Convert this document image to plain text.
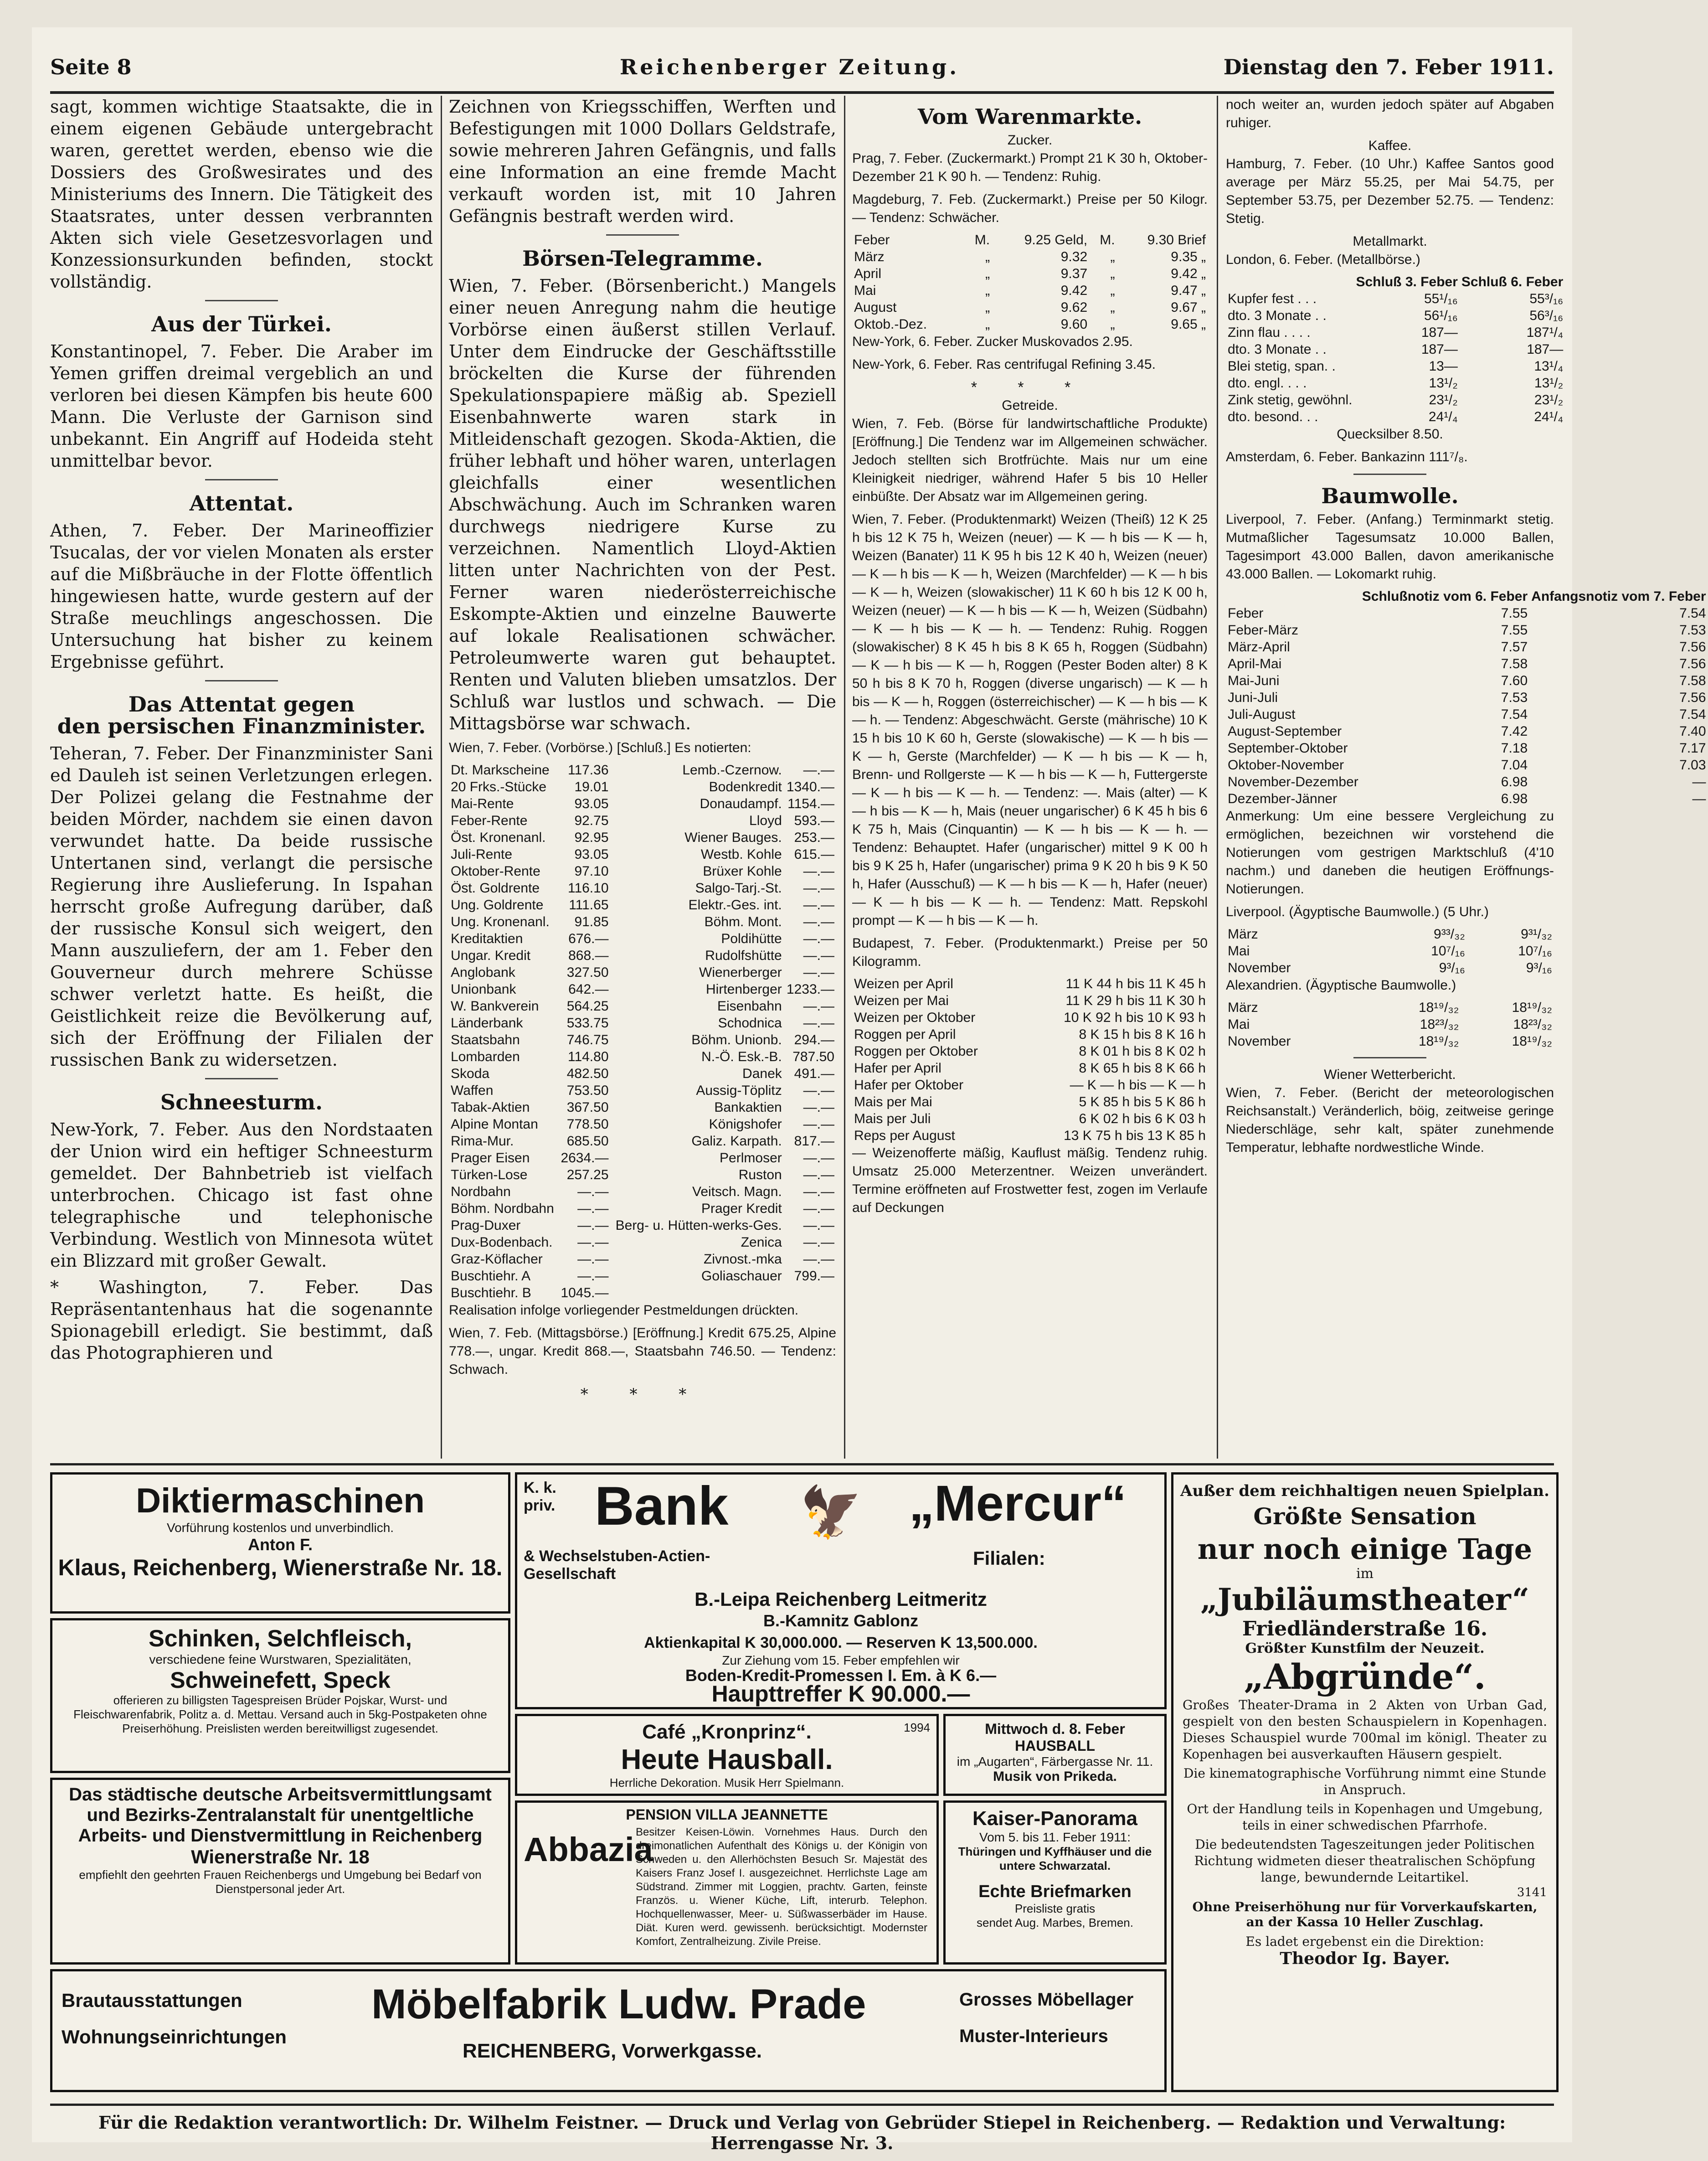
Seite 8	Reichenberger Zeitung.	Dienstag den 7. Feber 1911.

sagt, kommen wichtige Staatsakte, die in einem eigenen Gebäude untergebracht waren, gerettet werden, ebenso wie die Dossiers des Großwesirates und des Ministeriums des Innern. Die Tätigkeit des Staatsrates, unter dessen verbrannten Akten sich viele Gesetzesvorlagen und Konzessionsurkunden befinden, stockt vollständig.

Aus der Türkei.

Konstantinopel, 7. Feber. Die Araber im Yemen griffen dreimal vergeblich an und verloren bei diesen Kämpfen bis heute 600 Mann. Die Verluste der Garnison sind unbekannt. Ein Angriff auf Hodeida steht unmittelbar bevor.

Attentat.

Athen, 7. Feber. Der Marineoffizier Tsucalas, der vor vielen Monaten als erster auf die Mißbräuche in der Flotte öffentlich hingewiesen hatte, wurde gestern auf der Straße meuchlings angeschossen. Die Untersuchung hat bisher zu keinem Ergebnisse geführt.

Das Attentat gegen
den persischen Finanzminister.

Teheran, 7. Feber. Der Finanzminister Sani ed Dauleh ist seinen Verletzungen erlegen. Der Polizei gelang die Festnahme der beiden Mörder, nachdem sie einen davon verwundet hatte. Da beide russische Untertanen sind, verlangt die persische Regierung ihre Auslieferung. In Ispahan herrscht große Aufregung darüber, daß der russische Konsul sich weigert, den Mann auszuliefern, der am 1. Feber den Gouverneur durch mehrere Schüsse schwer verletzt hatte. Es heißt, die Geistlichkeit reize die Bevölkerung auf, sich der Eröffnung der Filialen der russischen Bank zu widersetzen.

Schneesturm.

New-York, 7. Feber. Aus den Nordstaaten der Union wird ein heftiger Schneesturm gemeldet. Der Bahnbetrieb ist vielfach unterbrochen. Chicago ist fast ohne telegraphische und telephonische Verbindung. Westlich von Minnesota wütet ein Blizzard mit großer Gewalt.

* Washington, 7. Feber. Das Repräsentantenhaus hat die sogenannte Spionagebill erledigt. Sie bestimmt, daß das Photographieren und

Zeichnen von Kriegsschiffen, Werften und Befestigungen mit 1000 Dollars Geldstrafe, sowie mehreren Jahren Gefängnis, und falls eine Information an eine fremde Macht verkauft worden ist, mit 10 Jahren Gefängnis bestraft werden wird.

Börsen-Telegramme.

Wien, 7. Feber. (Börsenbericht.) Mangels einer neuen Anregung nahm die heutige Vorbörse einen äußerst stillen Verlauf. Unter dem Eindrucke der Geschäftsstille bröckelten die Kurse der führenden Spekulationspapiere mäßig ab. Speziell Eisenbahnwerte waren stark in Mitleidenschaft gezogen. Skoda-Aktien, die früher lebhaft und höher waren, unterlagen gleichfalls einer wesentlichen Abschwächung. Auch im Schranken waren durchwegs niedrigere Kurse zu verzeichnen. Namentlich Lloyd-Aktien litten unter Nachrichten von der Pest. Ferner waren niederösterreichische Eskompte-Aktien und einzelne Bauwerte auf lokale Realisationen schwächer. Petroleumwerte waren gut behauptet. Renten und Valuten blieben umsatzlos. Der Schluß war lustlos und schwach. — Die Mittagsbörse war schwach.

Wien, 7. Feber. (Vorbörse.) [Schluß.] Es notierten:

Dt. Markscheine	117.36	Lemb.-Czernow.	—.—
20 Frks.-Stücke	19.01	Bodenkredit	1340.—
Mai-Rente	93.05	Donaudampf.	1154.—
Feber-Rente	92.75	Lloyd	593.—
Öst. Kronenanl.	92.95	Wiener Bauges.	253.—
Juli-Rente	93.05	Westb. Kohle	615.—
Oktober-Rente	97.10	Brüxer Kohle	—.—
Öst. Goldrente	116.10	Salgo-Tarj.-St.	—.—
Ung. Goldrente	111.65	Elektr.-Ges. int.	—.—
Ung. Kronenanl.	91.85	Böhm. Mont.	—.—
Kreditaktien	676.—	Poldihütte	—.—
Ungar. Kredit	868.—	Rudolfshütte	—.—
Anglobank	327.50	Wienerberger	—.—
Unionbank	642.—	Hirtenberger	1233.—
W. Bankverein	564.25	Eisenbahn	—.—
Länderbank	533.75	Schodnica	—.—
Staatsbahn	746.75	Böhm. Unionb.	294.—
Lombarden	114.80	N.-Ö. Esk.-B.	787.50
Skoda	482.50	Danek	491.—
Waffen	753.50	Aussig-Töplitz	—.—
Tabak-Aktien	367.50	Bankaktien	—.—
Alpine Montan	778.50	Königshofer	—.—
Rima-Mur.	685.50	Galiz. Karpath.	817.—
Prager Eisen	2634.—	Perlmoser	—.—
Türken-Lose	257.25	Ruston	—.—
Nordbahn	—.—	Veitsch. Magn.	—.—
Böhm. Nordbahn	—.—	Prager Kredit	—.—
Prag-Duxer	—.—	Berg- u. Hütten-werks-Ges.	—.—
Dux-Bodenbach.	—.—	Zenica	—.—
Graz-Köflacher	—.—	Zivnost.-mka	—.—
Buschtiehr. A	—.—	Goliaschauer	799.—
Buschtiehr. B	1045.—		

Realisation infolge vorliegender Pestmeldungen drückten.

Wien, 7. Feb. (Mittagsbörse.) [Eröffnung.] Kredit 675.25, Alpine 778.—, ungar. Kredit 868.—, Staatsbahn 746.50. — Tendenz: Schwach.

* * *
Vom Warenmarkte.
Zucker.

Prag, 7. Feber. (Zuckermarkt.) Prompt 21 K 30 h, Oktober-Dezember 21 K 90 h. — Tendenz: Ruhig.

Magdeburg, 7. Feb. (Zuckermarkt.) Preise per 50 Kilogr. — Tendenz: Schwächer.

Feber	M.	9.25 Geld,	M.	9.30 Brief
März	„	9.32	„	9.35 „
April	„	9.37	„	9.42 „
Mai	„	9.42	„	9.47 „
August	„	9.62	„	9.67 „
Oktob.-Dez.	„	9.60	„	9.65 „

New-York, 6. Feber. Zucker Muskovados 2.95.

New-York, 6. Feber. Ras centrifugal Refining 3.45.

* * *
Getreide.

Wien, 7. Feb. (Börse für landwirtschaftliche Produkte) [Eröffnung.] Die Tendenz war im Allgemeinen schwächer. Jedoch stellten sich Brotfrüchte. Mais nur um eine Kleinigkeit niedriger, während Hafer 5 bis 10 Heller einbüßte. Der Absatz war im Allgemeinen gering.

Wien, 7. Feber. (Produktenmarkt) Weizen (Theiß) 12 K 25 h bis 12 K 75 h, Weizen (neuer) — K — h bis — K — h, Weizen (Banater) 11 K 95 h bis 12 K 40 h, Weizen (neuer) — K — h bis — K — h, Weizen (Marchfelder) — K — h bis — K — h, Weizen (slowakischer) 11 K 60 h bis 12 K 00 h, Weizen (neuer) — K — h bis — K — h, Weizen (Südbahn) — K — h bis — K — h. — Tendenz: Ruhig. Roggen (slowakischer) 8 K 45 h bis 8 K 65 h, Roggen (Südbahn) — K — h bis — K — h, Roggen (Pester Boden alter) 8 K 50 h bis 8 K 70 h, Roggen (diverse ungarisch) — K — h bis — K — h, Roggen (österreichischer) — K — h bis — K — h. — Tendenz: Abgeschwächt. Gerste (mährische) 10 K 15 h bis 10 K 60 h, Gerste (slowakische) — K — h bis — K — h, Gerste (Marchfelder) — K — h bis — K — h, Brenn- und Rollgerste — K — h bis — K — h, Futtergerste — K — h bis — K — h. — Tendenz: —. Mais (alter) — K — h bis — K — h, Mais (neuer ungarischer) 6 K 45 h bis 6 K 75 h, Mais (Cinquantin) — K — h bis — K — h. — Tendenz: Behauptet. Hafer (ungarischer) mittel 9 K 00 h bis 9 K 25 h, Hafer (ungarischer) prima 9 K 20 h bis 9 K 50 h, Hafer (Ausschuß) — K — h bis — K — h, Hafer (neuer) — K — h bis — K — h. — Tendenz: Matt. Repskohl prompt — K — h bis — K — h.

Budapest, 7. Feber. (Produktenmarkt.) Preise per 50 Kilogramm.

Weizen per April	11 K 44 h bis 11 K 45 h
Weizen per Mai	11 K 29 h bis 11 K 30 h
Weizen per Oktober	10 K 92 h bis 10 K 93 h
Roggen per April	8 K 15 h bis 8 K 16 h
Roggen per Oktober	8 K 01 h bis 8 K 02 h
Hafer per April	8 K 65 h bis 8 K 66 h
Hafer per Oktober	— K — h bis — K — h
Mais per Mai	5 K 85 h bis 5 K 86 h
Mais per Juli	6 K 02 h bis 6 K 03 h
Reps per August	13 K 75 h bis 13 K 85 h

— Weizenofferte mäßig, Kauflust mäßig. Tendenz ruhig. Umsatz 25.000 Meterzentner. Weizen unverändert. Termine eröffneten auf Frostwetter fest, zogen im Verlaufe auf Deckungen

noch weiter an, wurden jedoch später auf Abgaben ruhiger.

Kaffee.

Hamburg, 7. Feber. (10 Uhr.) Kaffee Santos good average per März 55.25, per Mai 54.75, per September 53.75, per Dezember 52.75. — Tendenz: Stetig.

Metallmarkt.

London, 6. Feber. (Metallbörse.)

	Schluß 3. Feber	Schluß 6. Feber
Kupfer fest . . .	55¹/₁₆	55³/₁₆
dto. 3 Monate . .	56¹/₁₆	56³/₁₆
Zinn flau . . . .	187—	187¹/₄
dto. 3 Monate . .	187—	187—
Blei stetig, span. .	13—	13¹/₄
dto. engl. . . .	13¹/₂	13¹/₂
Zink stetig, gewöhnl.	23¹/₂	23¹/₂
dto. besond. . .	24¹/₄	24¹/₄

Quecksilber 8.50.

Amsterdam, 6. Feber. Bankazinn 111⁷/₈.

Baumwolle.

Liverpool, 7. Feber. (Anfang.) Terminmarkt stetig. Mutmaßlicher Tagesumsatz 10.000 Ballen, Tagesimport 43.000 Ballen, davon amerikanische 43.000 Ballen. — Lokomarkt ruhig.

	Schlußnotiz vom 6. Feber	Anfangsnotiz vom 7. Feber
Feber	7.55	7.54
Feber-März	7.55	7.53
März-April	7.57	7.56
April-Mai	7.58	7.56
Mai-Juni	7.60	7.58
Juni-Juli	7.53	7.56
Juli-August	7.54	7.54
August-September	7.42	7.40
September-Oktober	7.18	7.17
Oktober-November	7.04	7.03
November-Dezember	6.98	—
Dezember-Jänner	6.98	—

Anmerkung: Um eine bessere Vergleichung zu ermöglichen, bezeichnen wir vorstehend die Notierungen vom gestrigen Marktschluß (4'10 nachm.) und daneben die heutigen Eröffnungs-Notierungen.

Liverpool. (Ägyptische Baumwolle.) (5 Uhr.)

März	9³³/₃₂	9³¹/₃₂
Mai	10⁷/₁₆	10⁷/₁₆
November	9³/₁₆	9³/₁₆

Alexandrien. (Ägyptische Baumwolle.)

März	18¹⁹/₃₂	18¹⁹/₃₂
Mai	18²³/₃₂	18²³/₃₂
November	18¹⁹/₃₂	18¹⁹/₃₂
Wiener Wetterbericht.

Wien, 7. Feber. (Bericht der meteorologischen Reichsanstalt.) Veränderlich, böig, zeitweise geringe Niederschläge, sehr kalt, später zunehmende Temperatur, lebhafte nordwestliche Winde.

Diktiermaschinen
Vorführung kostenlos und unverbindlich.
Anton F.
Klaus, Reichenberg, Wienerstraße Nr. 18.
Schinken, Selchfleisch,
verschiedene feine Wurstwaren, Spezialitäten,
Schweinefett, Speck
offerieren zu billigsten Tagespreisen Brüder Pojskar, Wurst- und Fleischwarenfabrik, Politz a. d. Mettau. Versand auch in 5kg-Postpaketen ohne Preiserhöhung. Preislisten werden bereitwilligst zugesendet.
Das städtische deutsche Arbeitsvermittlungsamt und Bezirks-Zentralanstalt für unentgeltliche Arbeits- und Dienstvermittlung in Reichenberg
Wienerstraße Nr. 18
empfiehlt den geehrten Frauen Reichenbergs und Umgebung bei Bedarf von Dienstpersonal jeder Art.
Brautausstattungen
Wohnungseinrichtungen
Möbelfabrik Ludw. Prade
REICHENBERG, Vorwerkgasse.
Grosses Möbellager
Muster-Interieurs
K. k. priv. Bank 🦅 „Mercur“
& Wechselstuben-Actien-Gesellschaft
Filialen:
B.-Leipa Reichenberg Leitmeritz
B.-Kamnitz Gablonz
Aktienkapital K 30,000.000. — Reserven K 13,500.000.
Zur Ziehung vom 15. Feber empfehlen wir
Boden-Kredit-Promessen I. Em. à K 6.—
Haupttreffer K 90.000.—
Café „Kronprinz“.
Heute Hausball.
Herrliche Dekoration. Musik Herr Spielmann.
1994	Mittwoch d. 8. Feber HAUSBALL
im „Augarten“, Färbergasse Nr. 11.
Musik von Prikeda.
PENSION VILLA JEANNETTE
Abbazia
Besitzer Keisen-Löwin. Vornehmes Haus. Durch den dreimonatlichen Aufenthalt des Königs u. der Königin von Schweden u. den Allerhöchsten Besuch Sr. Majestät des Kaisers Franz Josef I. ausgezeichnet. Herrlichste Lage am Südstrand. Zimmer mit Loggien, prachtv. Garten, feinste Französ. u. Wiener Küche, Lift, interurb. Telephon. Hochquellenwasser, Meer- u. Süßwasserbäder im Hause. Diät. Kuren werd. gewissenh. berücksichtigt. Modernster Komfort, Zentralheizung. Zivile Preise.
Kaiser-Panorama
Vom 5. bis 11. Feber 1911:
Thüringen und Kyffhäuser und die untere Schwarzatal.
Echte Briefmarken
Preisliste gratis
sendet Aug. Marbes, Bremen.
Außer dem reichhaltigen neuen Spielplan.
Größte Sensation
nur noch einige Tage
im
„Jubiläumstheater“
Friedländerstraße 16.
Größter Kunstfilm der Neuzeit.
„Abgründe“.
Großes Theater-Drama in 2 Akten von Urban Gad, gespielt von den besten Schauspielern in Kopenhagen. Dieses Schauspiel wurde 700mal im königl. Theater zu Kopenhagen bei ausverkauften Häusern gespielt.
Die kinematographische Vorführung nimmt eine Stunde in Anspruch.
Ort der Handlung teils in Kopenhagen und Umgebung, teils in einer schwedischen Pfarrhofe.
Die bedeutendsten Tageszeitungen jeder Politischen Richtung widmeten dieser theatralischen Schöpfung lange, bewundernde Leitartikel.
3141
Ohne Preiserhöhung nur für Vorverkaufskarten, an der Kassa 10 Heller Zuschlag.
Es ladet ergebenst ein die Direktion:
Theodor Ig. Bayer.
Für die Redaktion verantwortlich: Dr. Wilhelm Feistner. — Druck und Verlag von Gebrüder Stiepel in Reichenberg. — Redaktion und Verwaltung: Herrengasse Nr. 3.
